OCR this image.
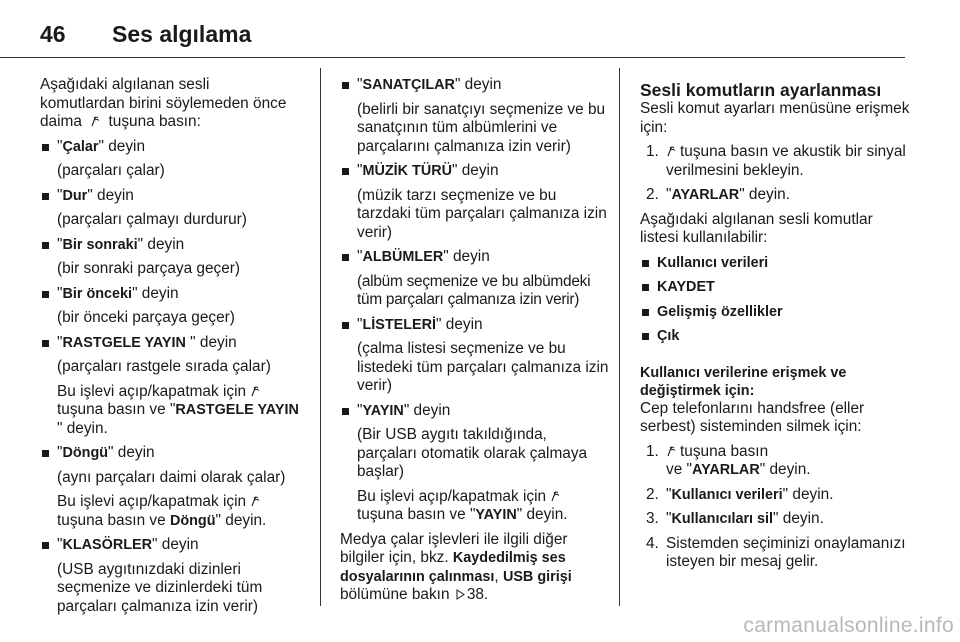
46	Ses algılama
Aşağıdaki algılanan sesli
komutlardan birini söylemeden önce
daima
tuşuna basın:
"Çalar" deyin
(parçaları çalar)
"Dur" deyin
(parçaları çalmayı durdurur)
"Bir sonraki" deyin
(bir sonraki parçaya geçer)
"Bir önceki" deyin
(bir önceki parçaya geçer)
"RASTGELE YAYIN " deyin
(parçaları rastgele sırada çalar)
Bu işlevi açıp/kapatmak için

tuşuna basın ve "RASTGELE YAYIN " deyin.
"Döngü" deyin
(aynı parçaları daimi olarak çalar)
Bu işlevi açıp/kapatmak için

tuşuna basın ve Döngü" deyin.
"KLASÖRLER" deyin
(USB aygıtınızdaki dizinleri seçmenize ve dizinlerdeki tüm parçaları çalmanıza izin verir)
"SANATÇILAR" deyin
(belirli bir sanatçıyı seçmenize ve bu sanatçının tüm albümlerini ve parçalarını çalmanıza izin verir)
"MÜZİK TÜRÜ" deyin
(müzik tarzı seçmenize ve bu tarzdaki tüm parçaları çalmanıza izin verir)
"ALBÜMLER" deyin
(albüm seçmenize ve bu albümdeki tüm parçaları çalmanıza izin verir)
"LİSTELERİ" deyin
(çalma listesi seçmenize ve bu listedeki tüm parçaları çalmanıza izin verir)
"YAYIN" deyin
(Bir USB aygıtı takıldığında, parçaları otomatik olarak çalmaya başlar)
Bu işlevi açıp/kapatmak için

tuşuna basın ve "YAYIN" deyin.
Medya çalar işlevleri ile ilgili diğer bilgiler için, bkz. Kaydedilmiş ses dosyalarının çalınması, USB girişi bölümüne bakın
38.
Sesli komutların ayarlanması
Sesli komut ayarları menüsüne erişmek için:
1. tuşuna basın ve akustik bir sinyal verilmesini bekleyin.
2. "AYARLAR" deyin.
Aşağıdaki algılanan sesli komutlar listesi kullanılabilir:
Kullanıcı verileri
KAYDET
Gelişmiş özellikler
Çık
Kullanıcı verilerine erişmek ve değiştirmek için:
Cep telefonlarını handsfree (eller serbest) sisteminden silmek için:
1. tuşuna basın
ve "AYARLAR" deyin.
2. "Kullanıcı verileri" deyin.
3. "Kullanıcıları sil" deyin.
4. Sistemden seçiminizi onaylamanızı isteyen bir mesaj gelir.
carmanualsonline.info
